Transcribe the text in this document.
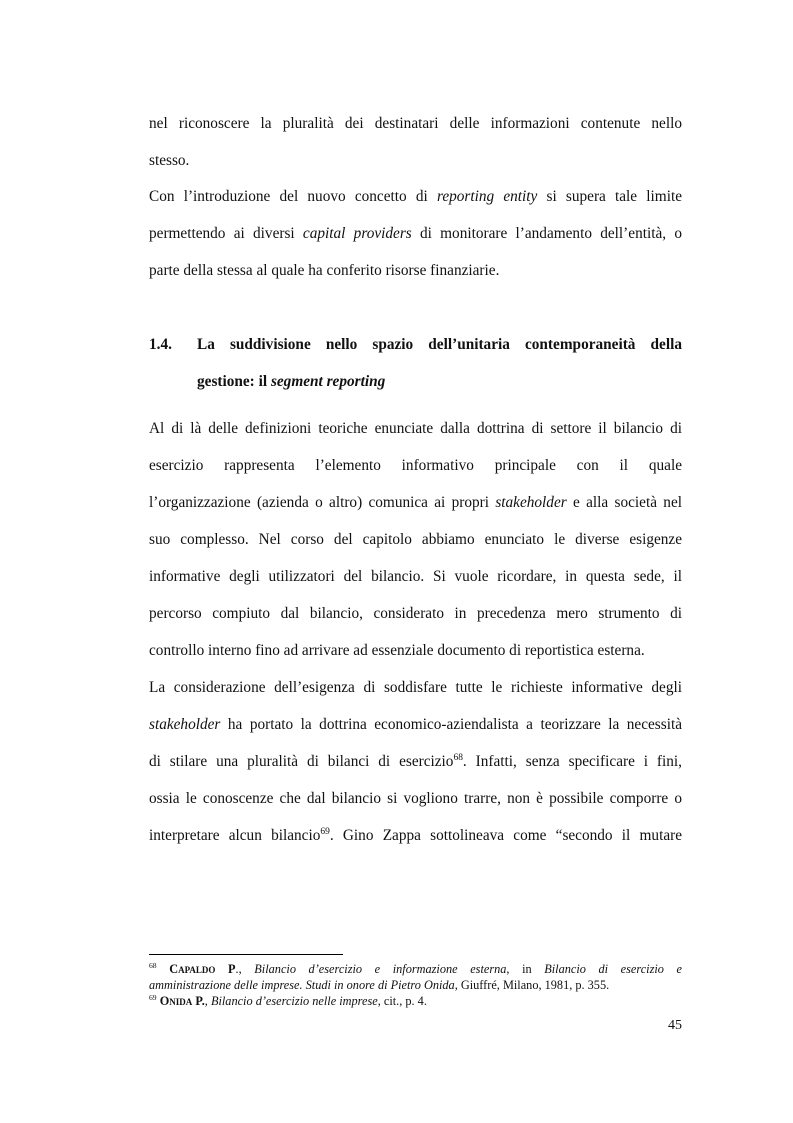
nel riconoscere la pluralità dei destinatari delle informazioni contenute nello
stesso.
Con l’introduzione del nuovo concetto di reporting entity si supera tale limite
permettendo ai diversi capital providers di monitorare l’andamento dell’entità, o
parte della stessa al quale ha conferito risorse finanziarie.
1.4.	La suddivisione nello spazio dell’unitaria contemporaneità della
gestione: il segment reporting
Al di là delle definizioni teoriche enunciate dalla dottrina di settore il bilancio di
esercizio rappresenta l’elemento informativo principale con il quale
l’organizzazione (azienda o altro) comunica ai propri stakeholder e alla società nel
suo complesso. Nel corso del capitolo abbiamo enunciato le diverse esigenze
informative degli utilizzatori del bilancio. Si vuole ricordare, in questa sede, il
percorso compiuto dal bilancio, considerato in precedenza mero strumento di
controllo interno fino ad arrivare ad essenziale documento di reportistica esterna.
La considerazione dell’esigenza di soddisfare tutte le richieste informative degli
stakeholder ha portato la dottrina economico-aziendalista a teorizzare la necessità
di stilare una pluralità di bilanci di esercizio$^{68}$. Infatti, senza specificare i fini,
ossia le conoscenze che dal bilancio si vogliono trarre, non è possibile comporre o
interpretare alcun bilancio$^{69}$. Gino Zappa sottolineava come “secondo il mutare
$^{68}$ Capaldo P., Bilancio d’esercizio e informazione esterna, in Bilancio di esercizio e
amministrazione delle imprese. Studi in onore di Pietro Onida, Giuffré, Milano, 1981, p. 355.
$^{69}$ Onida P., Bilancio d’esercizio nelle imprese, cit., p. 4.
45
